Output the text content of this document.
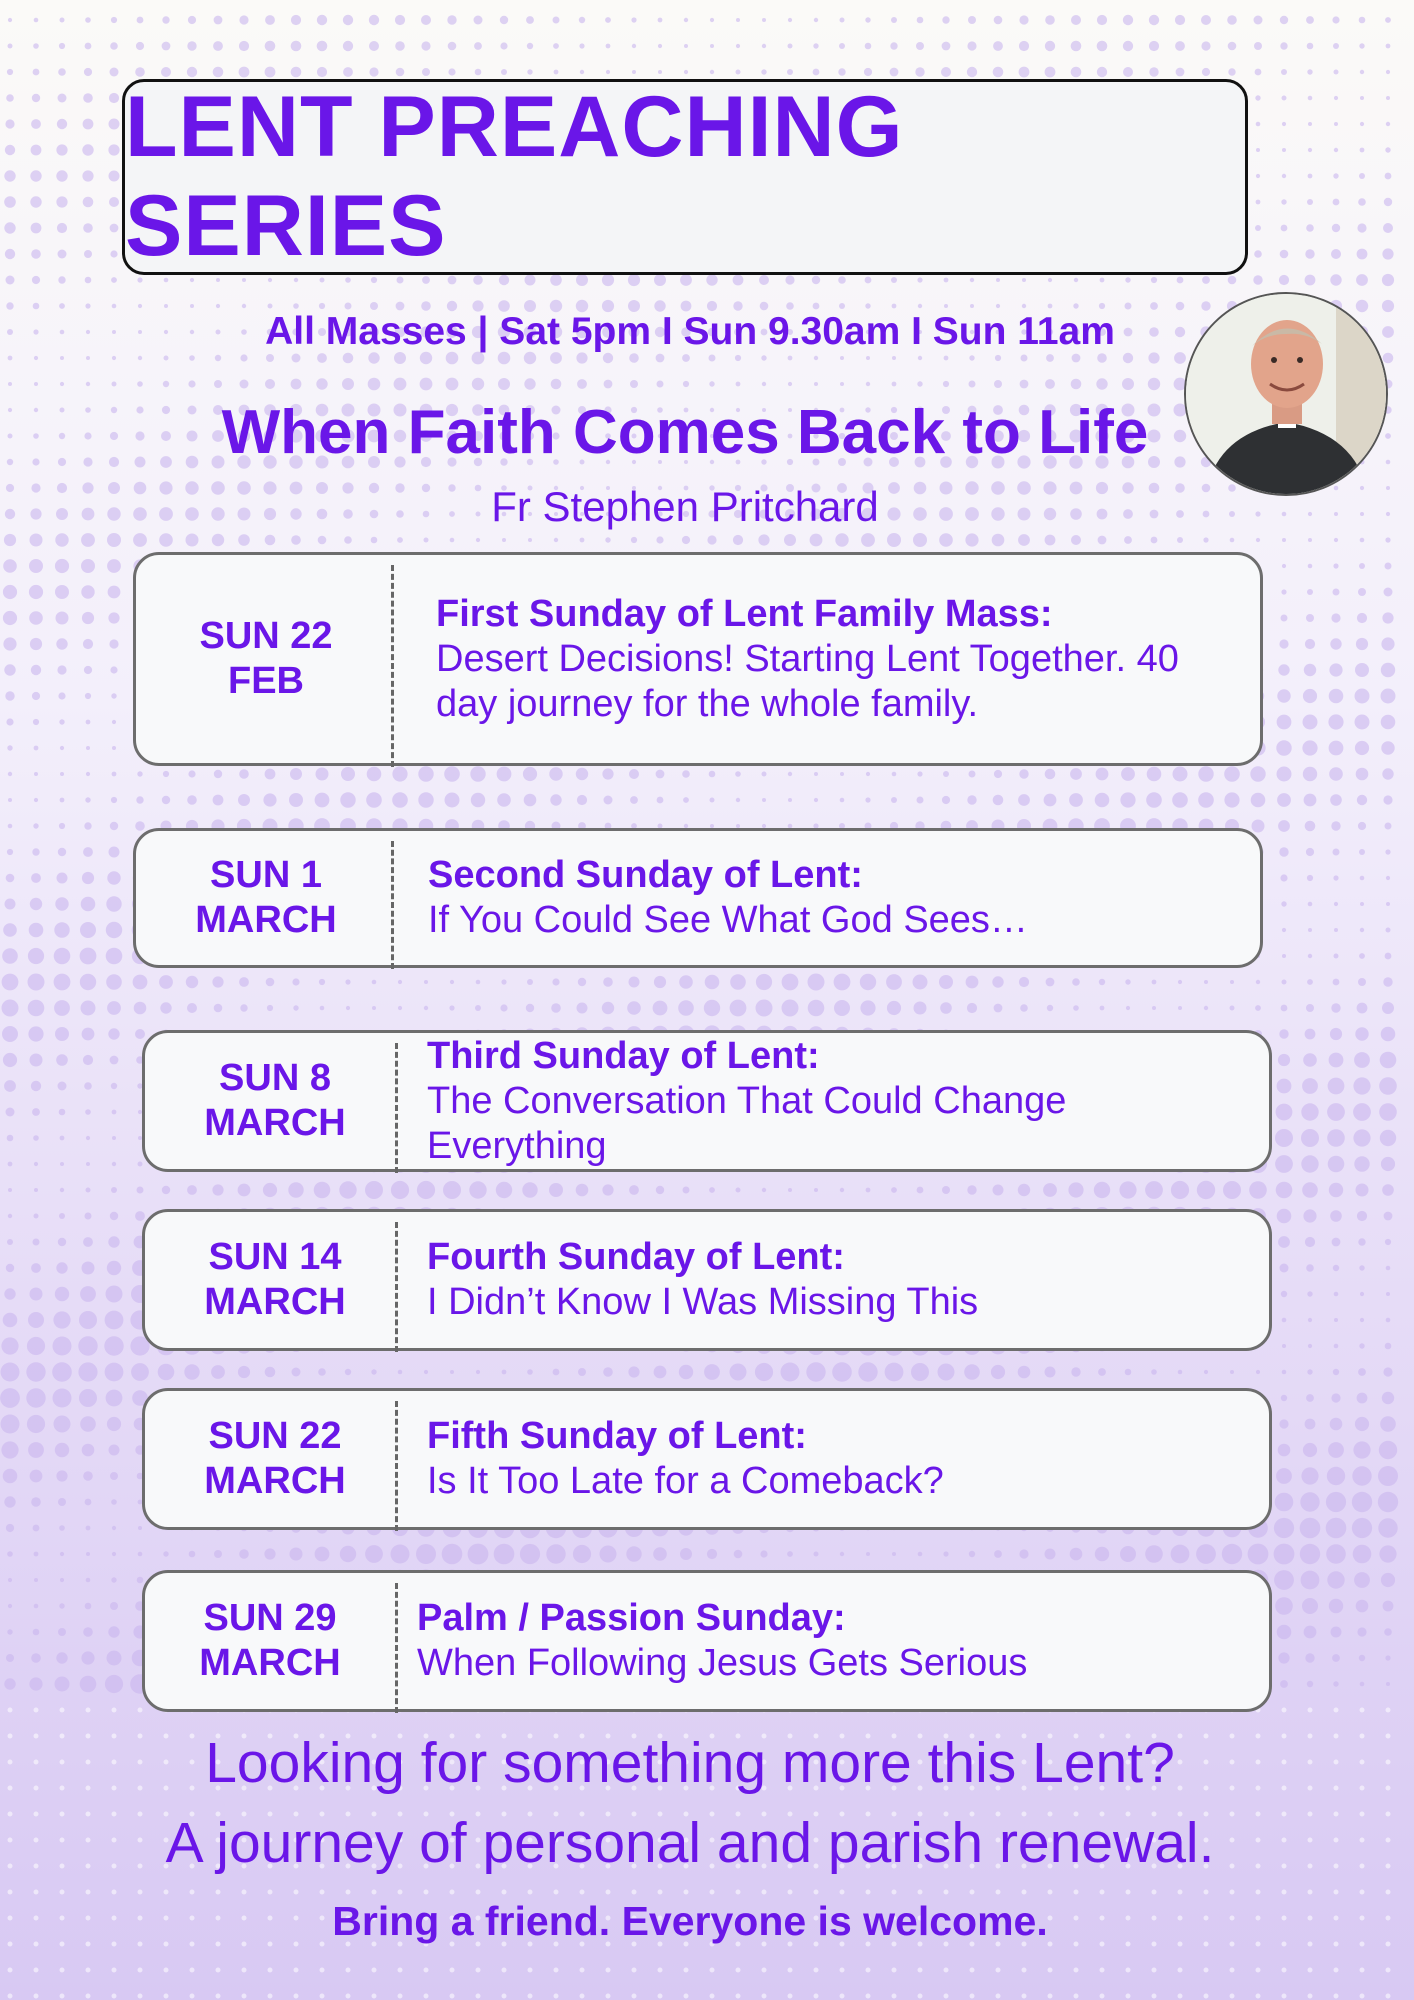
LENT PREACHING SERIES
All Masses | Sat 5pm I Sun 9.30am I Sun 11am
When Faith Comes Back to Life
Fr Stephen Pritchard
SUN 22
FEB
First Sunday of Lent Family Mass:
Desert Decisions! Starting Lent Together. 40 day journey for the whole family.
SUN 1
MARCH
Second Sunday of Lent:
If You Could See What God Sees…
SUN 8
MARCH
Third Sunday of Lent:
The Conversation That Could Change Everything
SUN 14
MARCH
Fourth Sunday of Lent:
I Didn’t Know I Was Missing This
SUN 22
MARCH
Fifth Sunday of Lent:
Is It Too Late for a Comeback?
SUN 29
MARCH
Palm / Passion Sunday:
When Following Jesus Gets Serious
Looking for something more this Lent?
A journey of personal and parish renewal.
Bring a friend. Everyone is welcome.
